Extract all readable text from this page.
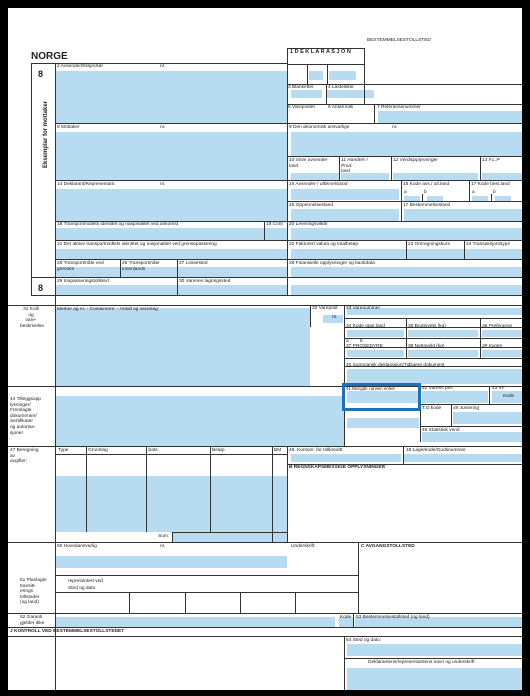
NORGE
8
8
Eksemplar for mottaker
BESTEMMELSESTOLLSTED
1 D E K L A R A S J O N
3 Blanketter	4 Lastelister
5 Vareposter	6 Antall kolli	7 Referansenummer
2 Avsender/Eksportør	nr.
8 Mottaker	nr.	9 Den økonomisk ansvarlige	nr.
14 Deklarant/Representant	nr.
10 Siste avsender-
land
11 Handels-/
Prod.-
land
12 Verdiopplysninger	13 F.L.P
15 Avsender-/ utførselsland	15 Kode avs./ utl.land
a	b
17 Kode best.land
a	b
16 Opprinnelsesland	17 Bestemmelsesland
18 Transportmidlets identitet og nasjonalitet ved ankomst	19 Cont 20 Leveringsvilkår
21 Det aktive transportmidlets identitet og nasjonalitet ved grensepassering	22 Fakturert valuta og totalbeløp	23 Omregningskurs	24 Transaksjonstype
25 Transportmåte ved
grensen
26 Transportmåte
innenlands
27 Lossested	28 Finansielle opplysninger og bankdata
29 Innpasseringstollsted	30 Varenes lagringssted
31 Kolli
og
vare-
beskrivelse
Merker og nr. - Containernr. - Antall og vareslag	32 Varepost
nr.
33 Varenummer
34 Kode oppr.land
a b
35 Bruttovekt (kg)	36 Preferanse
37 PROSEDYRE	38 Nettovekt (kg)	39 Kvoter
40 Summarisk deklarasjon/Tidligere dokument
41 Mengde i annen enhet	42 Varens pris	43 VF
Kode
44 Tilleggsopp
lysninger/
Fremlagte
dokumenter/
Sertifikater
og autorisa-
sjoner
T.O.kode 45 Justering
46 Statistisk verdi
47 Beregning
av
avgifter:
Type	Grunnlag	Sats	Beløp	BM
Sum:
48. Kontonr. for tollkreditt	49 Lagerkode/Godsnummer
B REGNSKAPSMESSIGE OPPLYSNINGER
50 Hovedansvarlig	nr.	Underskrift:	C AVGANGSTOLLSTED
representert ved
Sted og dato:
51 Planlagte
transitt-
erings
tollsteder
(og land)
52 Garanti
gjelder ikke
Kode 53 Bestemmelsestollsted (og land)
J KONTROLL VED BESTEMMELSESTOLLSTEDET
54 Sted og dato:
Deklarantens/representantens navn og underskrift:
